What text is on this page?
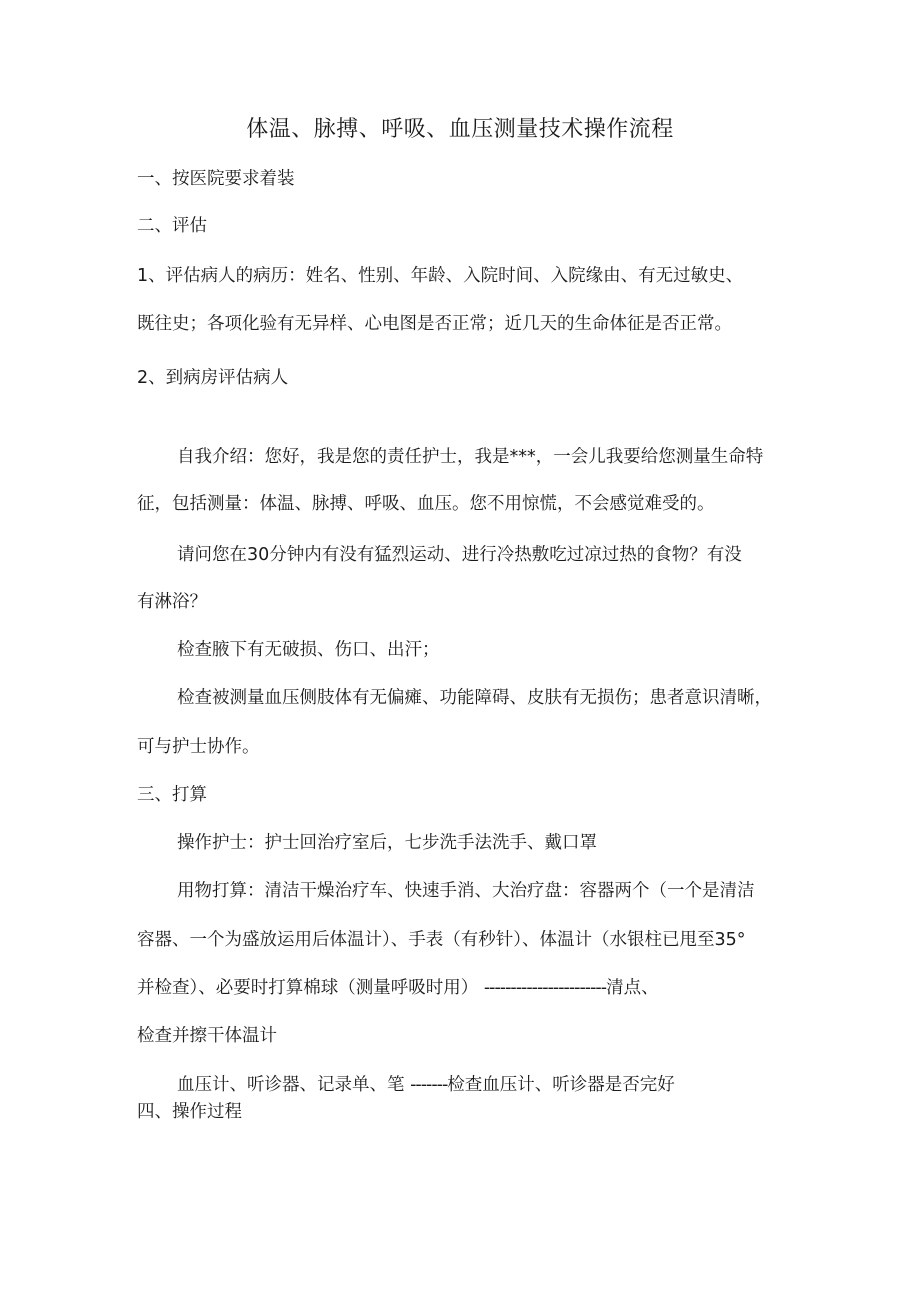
体温、脉搏、呼吸、血压测量技术操作流程
一、按医院要求着装
二、评估
1、评估病人的病历：姓名、性别、年龄、入院时间、入院缘由、有无过敏史、
既往史；各项化验有无异样、心电图是否正常；近几天的生命体征是否正常。
2、到病房评估病人
自我介绍：您好，我是您的责任护士，我是***，一会儿我要给您测量生命特
征，包括测量：体温、脉搏、呼吸、血压。您不用惊慌，不会感觉难受的。
请问您在30分钟内有没有猛烈运动、进行冷热敷吃过凉过热的食物？有没
有淋浴？
检查腋下有无破损、伤口、出汗；
检查被测量血压侧肢体有无偏瘫、功能障碍、皮肤有无损伤；患者意识清晰，
可与护士协作。
三、打算
操作护士：护士回治疗室后，七步洗手法洗手、戴口罩
用物打算：清洁干燥治疗车、快速手消、大治疗盘：容器两个（一个是清洁
容器、一个为盛放运用后体温计）、手表（有秒针）、体温计（水银柱已甩至35°
并检查）、必要时打算棉球（测量呼吸时用） -----------------------清点、
检查并擦干体温计
血压计、听诊器、记录单、笔 -------检查血压计、听诊器是否完好
四、操作过程
